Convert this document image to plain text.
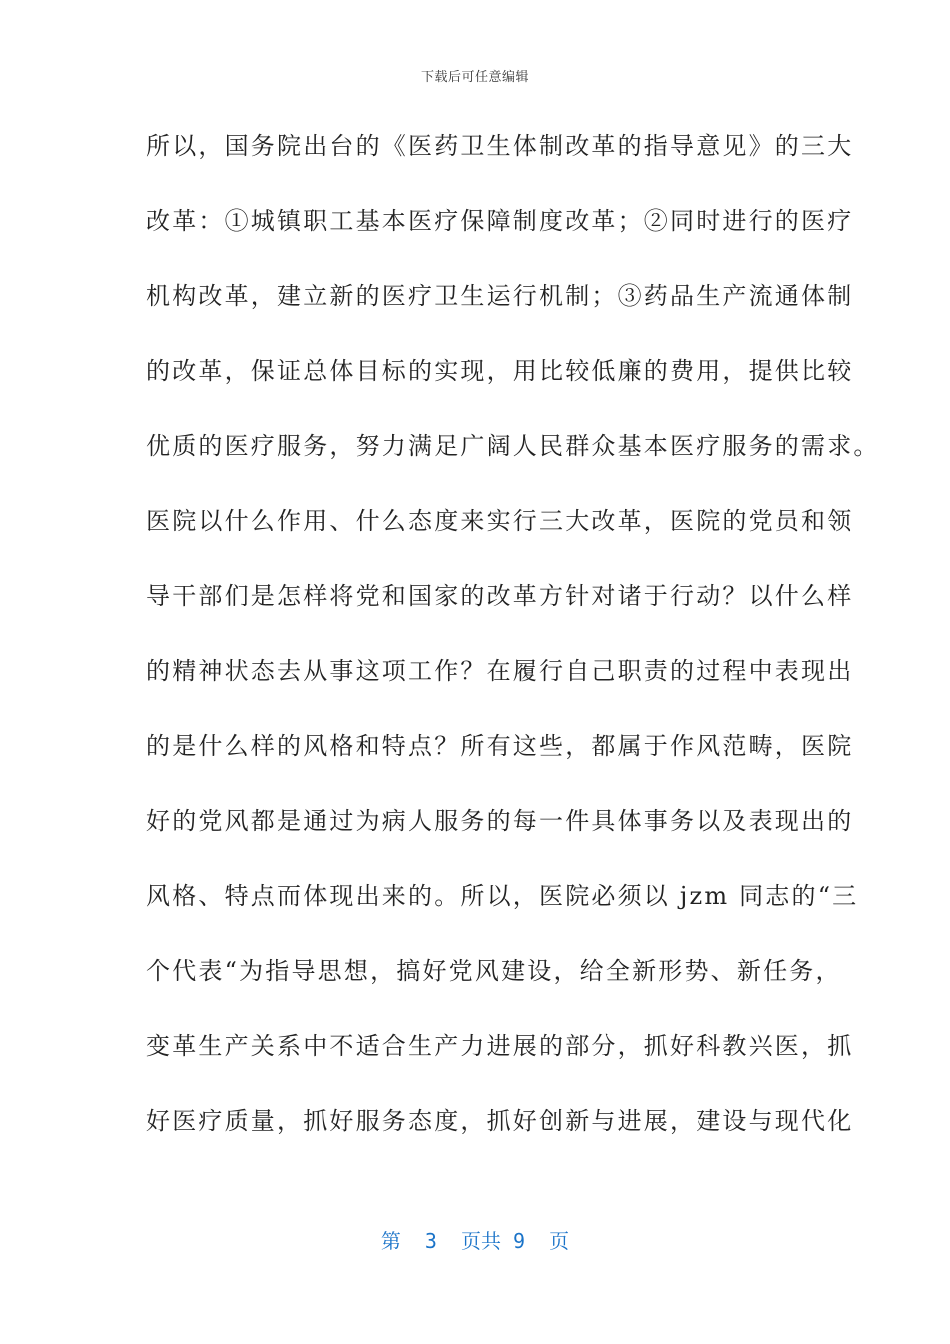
下载后可任意编辑
所以，国务院出台的《医药卫生体制改革的指导意见》的三大
改革：①城镇职工基本医疗保障制度改革；②同时进行的医疗
机构改革，建立新的医疗卫生运行机制；③药品生产流通体制
的改革，保证总体目标的实现，用比较低廉的费用，提供比较
优质的医疗服务，努力满足广阔人民群众基本医疗服务的需求。
医院以什么作用、什么态度来实行三大改革，医院的党员和领
导干部们是怎样将党和国家的改革方针对诸于行动？以什么样
的精神状态去从事这项工作？在履行自己职责的过程中表现出
的是什么样的风格和特点？所有这些，都属于作风范畴，医院
好的党风都是通过为病人服务的每一件具体事务以及表现出的
风格、特点而体现出来的。所以，医院必须以 jzm 同志的“三
个代表“为指导思想，搞好党风建设，给全新形势、新任务，
变革生产关系中不适合生产力进展的部分，抓好科教兴医，抓
好医疗质量，抓好服务态度，抓好创新与进展，建设与现代化
第  3  页共 9  页
